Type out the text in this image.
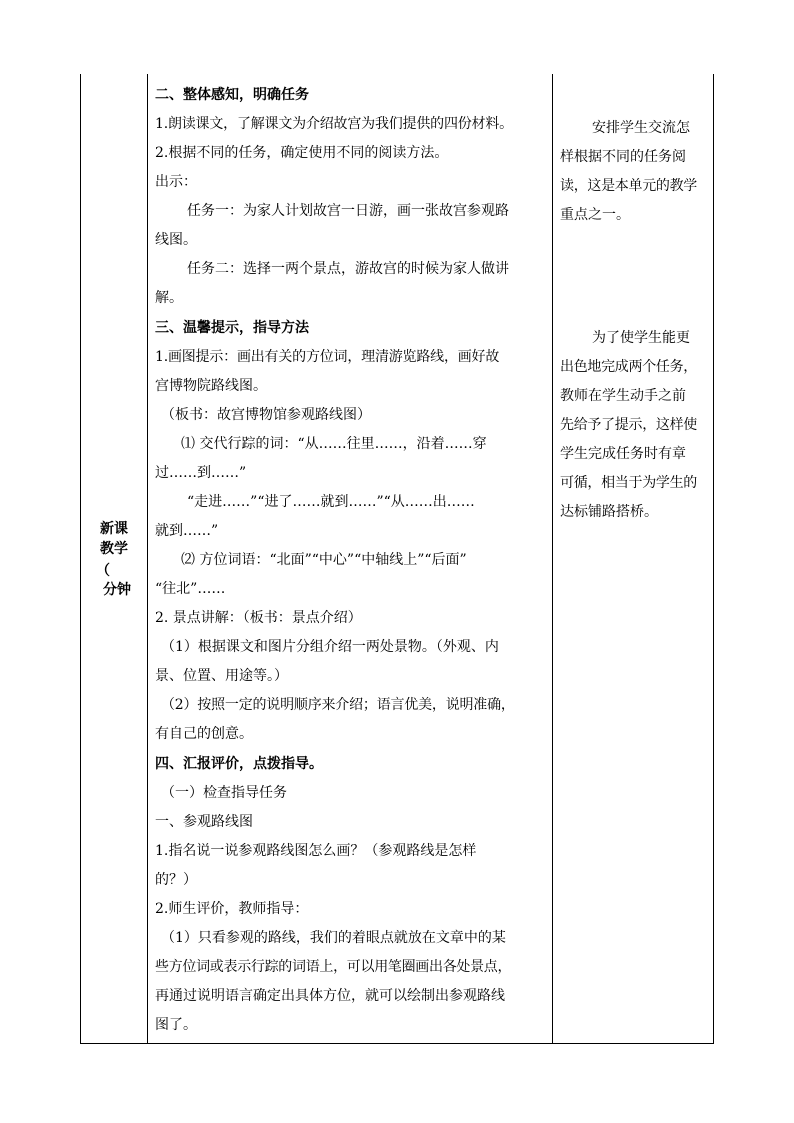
新课
教学
（
分钟
二、整体感知，明确任务
1.朗读课文，了解课文为介绍故宫为我们提供的四份材料。
2.根据不同的任务，确定使用不同的阅读方法。
出示：
任务一：为家人计划故宫一日游，画一张故宫参观路
线图。
任务二：选择一两个景点，游故宫的时候为家人做讲
解。
三、温馨提示，指导方法
1.画图提示：画出有关的方位词，理清游览路线，画好故
宫博物院路线图。
（板书：故宫博物馆参观路线图）
⑴ 交代行踪的词：“从……往里……，沿着……穿
过……到……”
“走进……”“进了……就到……”“从……出……
就到……”
⑵ 方位词语：“北面”“中心”“中轴线上”“后面”
“往北”……
2. 景点讲解：（板书：景点介绍）
（1）根据课文和图片分组介绍一两处景物。（外观、内
景、位置、用途等。）
（2）按照一定的说明顺序来介绍；语言优美，说明准确，
有自己的创意。
四、汇报评价，点拨指导。
（一）检查指导任务
一、参观路线图
1.指名说一说参观路线图怎么画？（参观路线是怎样
的？）
2.师生评价，教师指导：
（1）只看参观的路线，我们的着眼点就放在文章中的某
些方位词或表示行踪的词语上，可以用笔圈画出各处景点，
再通过说明语言确定出具体方位，就可以绘制出参观路线
图了。
安排学生交流怎
样根据不同的任务阅
读，这是本单元的教学
重点之一。
为了使学生能更
出色地完成两个任务，
教师在学生动手之前
先给予了提示，这样使
学生完成任务时有章
可循，相当于为学生的
达标铺路搭桥。
